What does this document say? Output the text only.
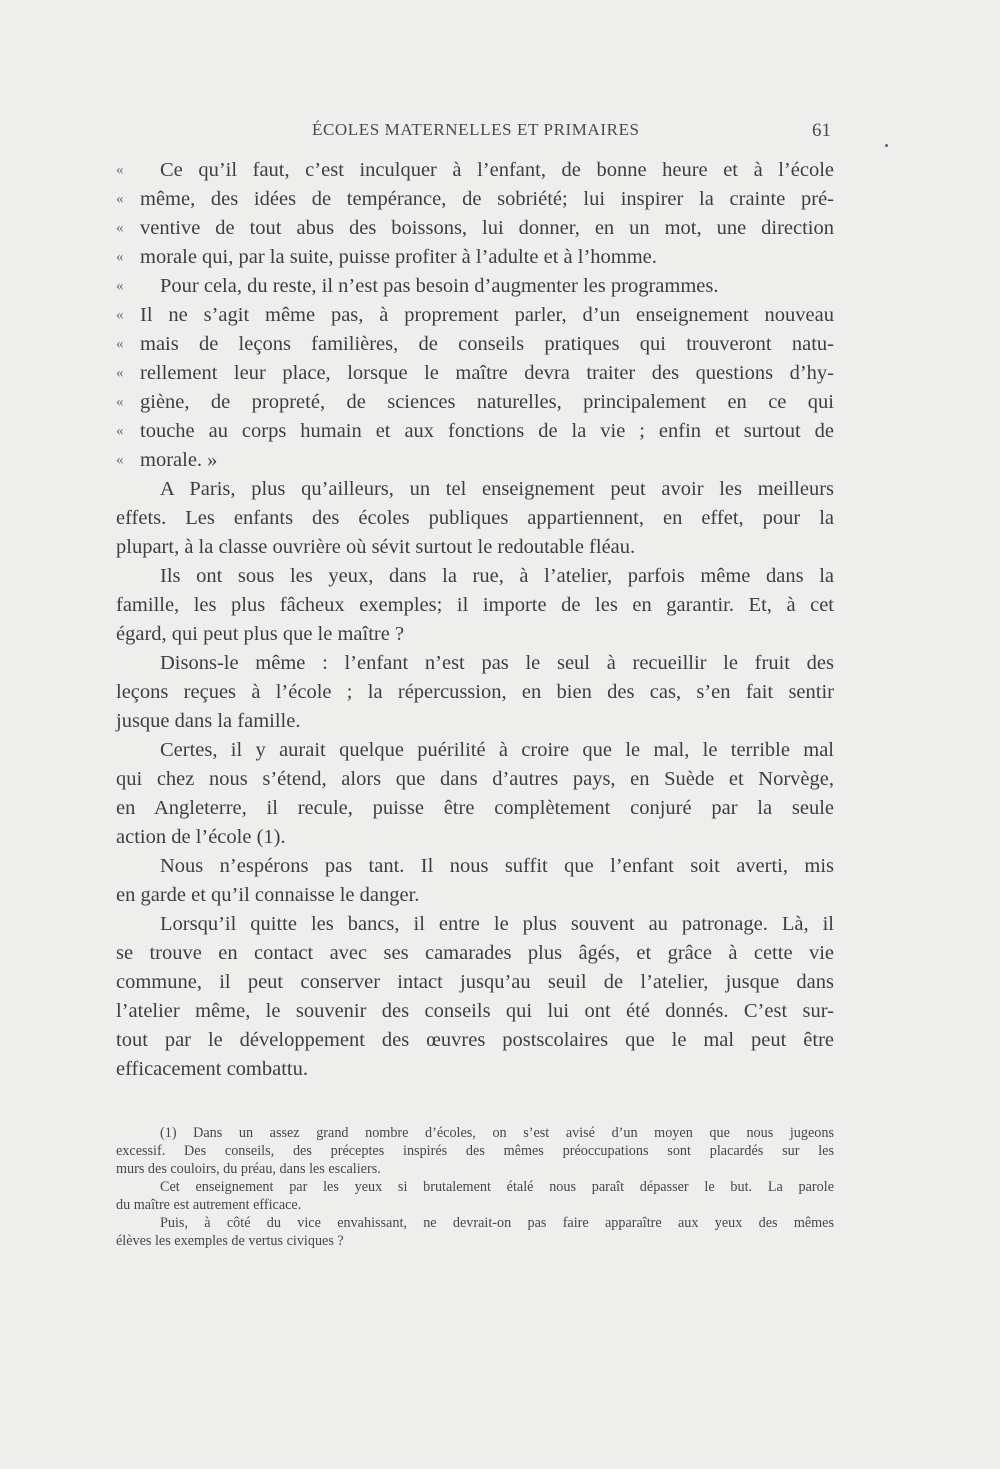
ÉCOLES MATERNELLES ET PRIMAIRES	61
«	Ce qu’il faut, c’est inculquer à l’enfant, de bonne heure et à l’école
« même, des idées de tempérance, de sobriété; lui inspirer la crainte pré-
« ventive de tout abus des boissons, lui donner, en un mot, une direction
« morale qui, par la suite, puisse profiter à l’adulte et à l’homme.
«	Pour cela, du reste, il n’est pas besoin d’augmenter les programmes.
« Il ne s’agit même pas, à proprement parler, d’un enseignement nouveau
« mais de leçons familières, de conseils pratiques qui trouveront natu-
« rellement leur place, lorsque le maître devra traiter des questions d’hy-
« giène, de propreté, de sciences naturelles, principalement en ce qui
« touche au corps humain et aux fonctions de la vie ; enfin et surtout de
« morale. »
A Paris, plus qu’ailleurs, un tel enseignement peut avoir les meilleurs
effets. Les enfants des écoles publiques appartiennent, en effet, pour la
plupart, à la classe ouvrière où sévit surtout le redoutable fléau.
Ils ont sous les yeux, dans la rue, à l’atelier, parfois même dans la
famille, les plus fâcheux exemples; il importe de les en garantir. Et, à cet
égard, qui peut plus que le maître ?
Disons-le même : l’enfant n’est pas le seul à recueillir le fruit des
leçons reçues à l’école ; la répercussion, en bien des cas, s’en fait sentir
jusque dans la famille.
Certes, il y aurait quelque puérilité à croire que le mal, le terrible mal
qui chez nous s’étend, alors que dans d’autres pays, en Suède et Norvège,
en Angleterre, il recule, puisse être complètement conjuré par la seule
action de l’école (1).
Nous n’espérons pas tant. Il nous suffit que l’enfant soit averti, mis
en garde et qu’il connaisse le danger.
Lorsqu’il quitte les bancs, il entre le plus souvent au patronage. Là, il
se trouve en contact avec ses camarades plus âgés, et grâce à cette vie
commune, il peut conserver intact jusqu’au seuil de l’atelier, jusque dans
l’atelier même, le souvenir des conseils qui lui ont été donnés. C’est sur-
tout par le développement des œuvres postscolaires que le mal peut être
efficacement combattu.
(1) Dans un assez grand nombre d’écoles, on s’est avisé d’un moyen que nous jugeons
excessif. Des conseils, des préceptes inspirés des mêmes préoccupations sont placardés sur les
murs des couloirs, du préau, dans les escaliers.
Cet enseignement par les yeux si brutalement étalé nous paraît dépasser le but. La parole
du maître est autrement efficace.
Puis, à côté du vice envahissant, ne devrait-on pas faire apparaître aux yeux des mêmes
élèves les exemples de vertus civiques ?
